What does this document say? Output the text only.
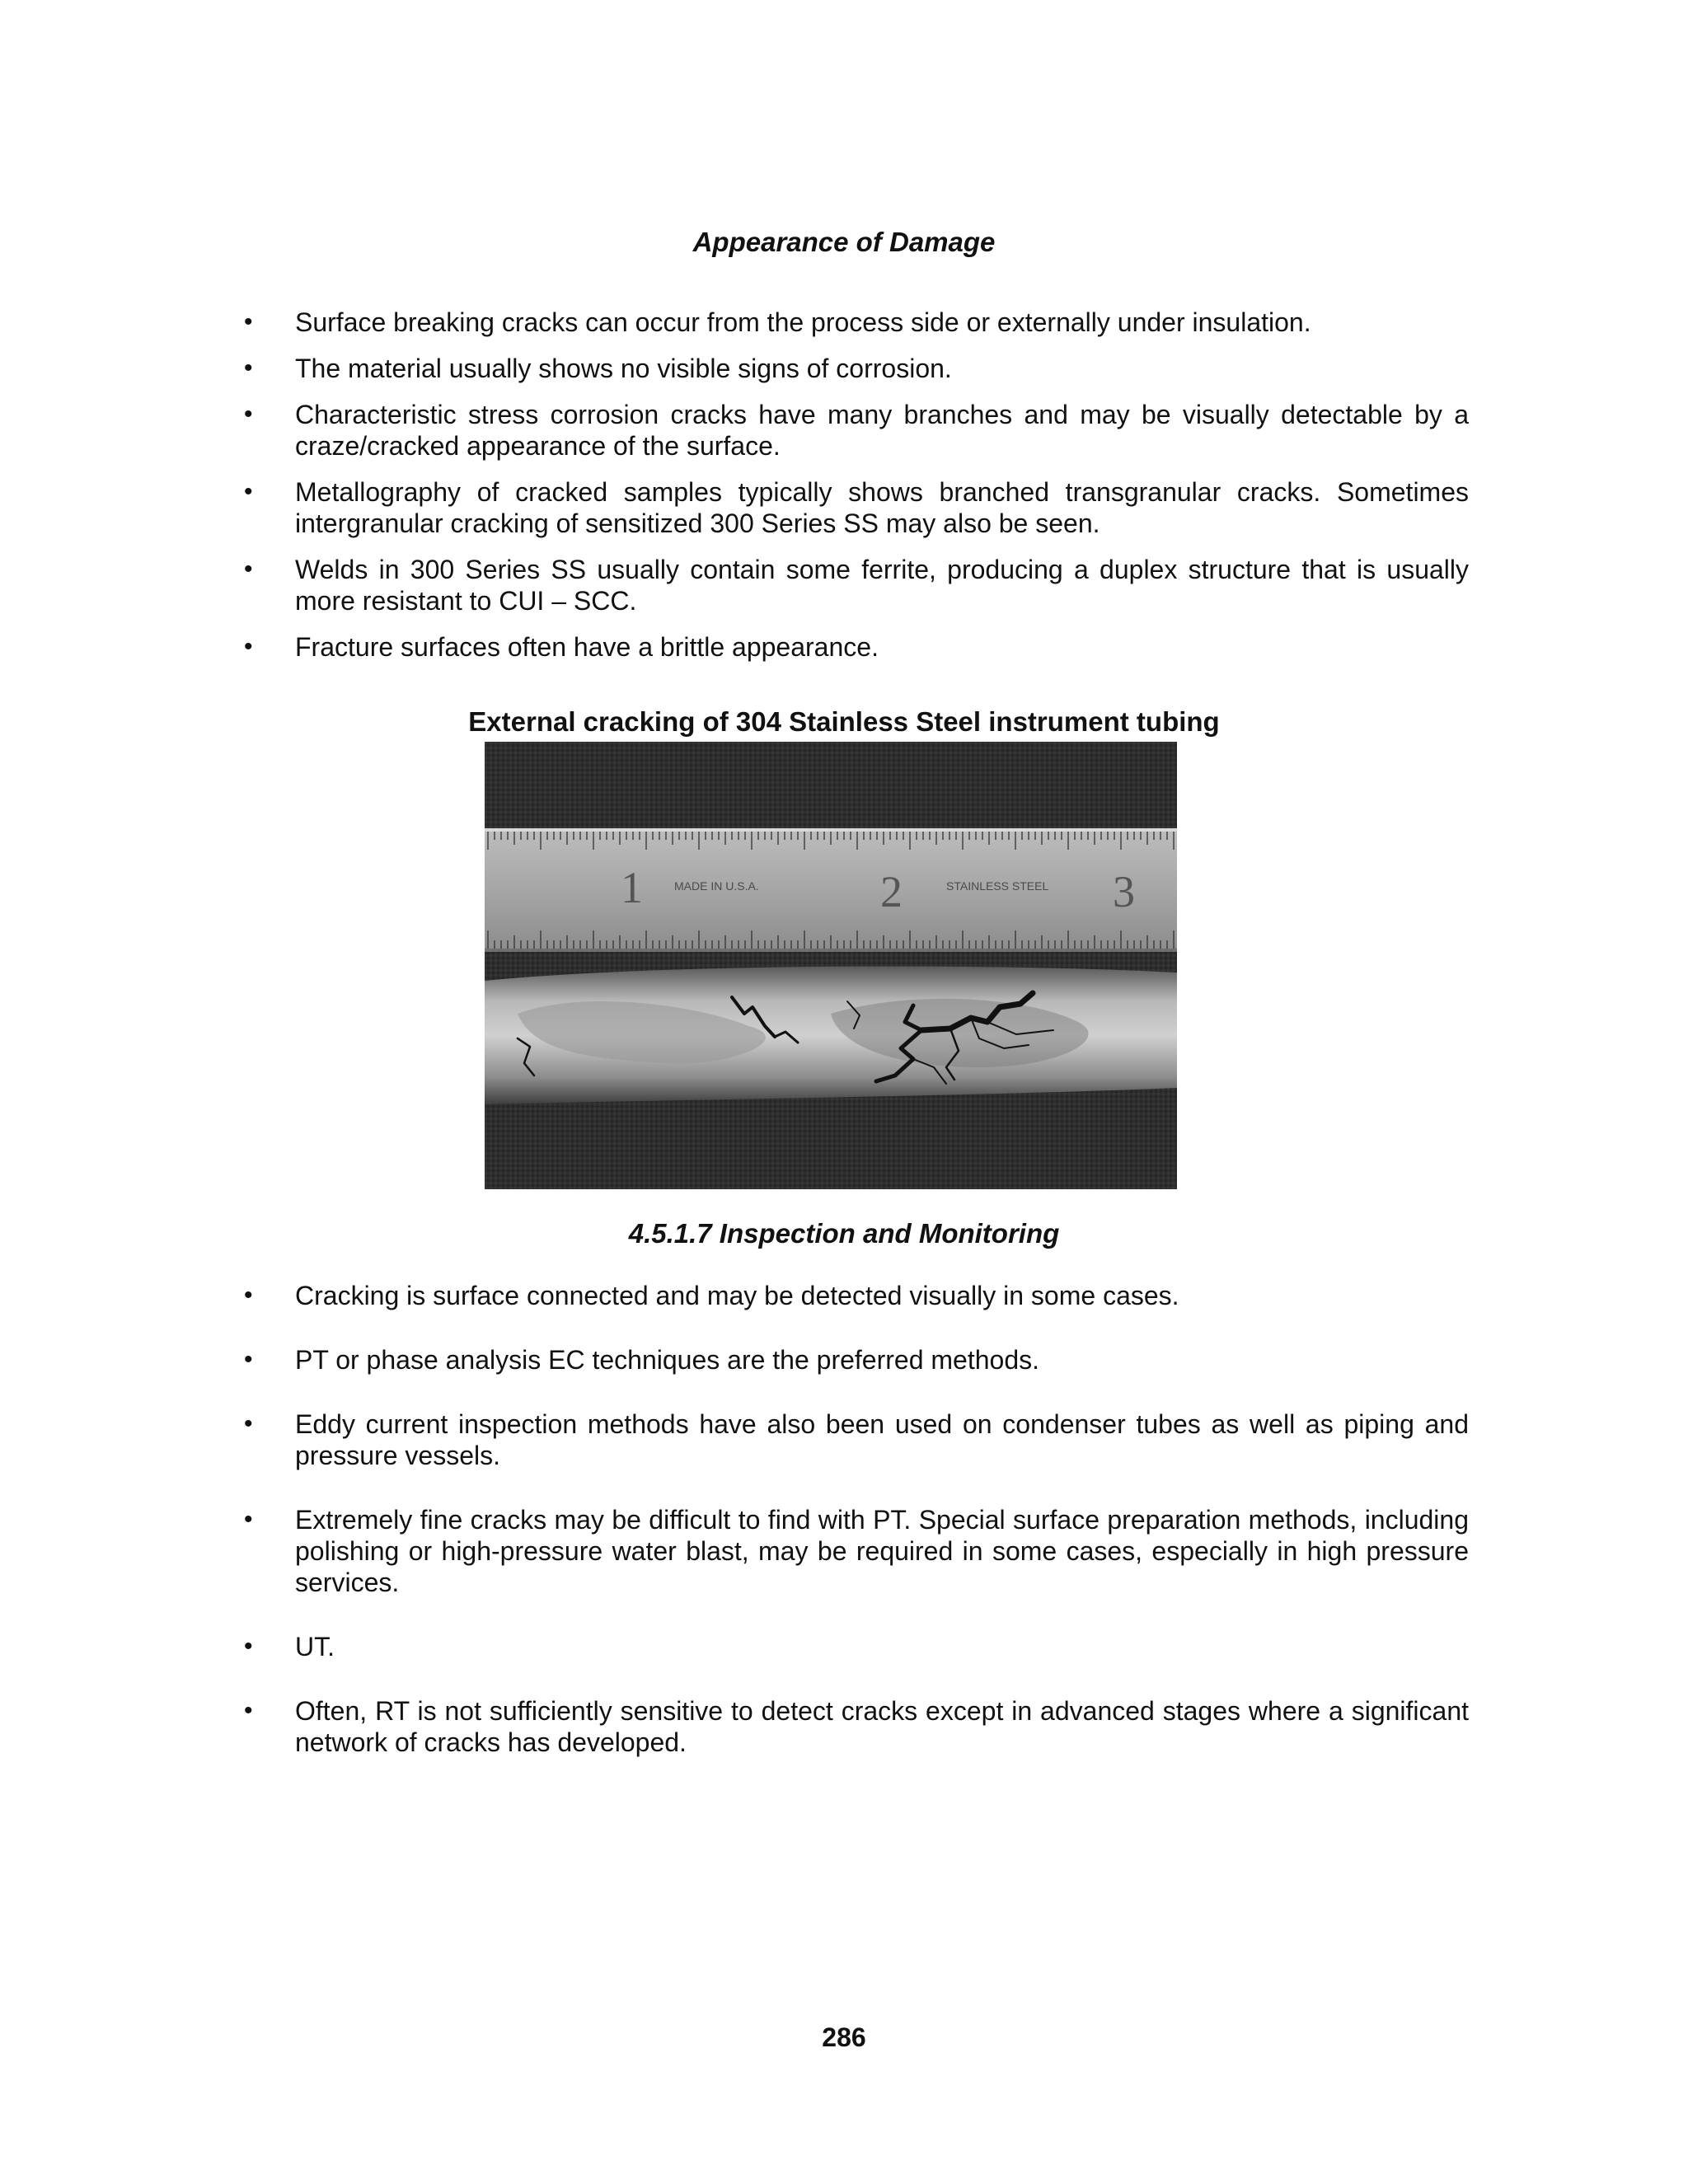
Appearance of Damage
• Surface breaking cracks can occur from the process side or externally under insulation.
• The material usually shows no visible signs of corrosion.
• Characteristic stress corrosion cracks have many branches and may be visually detectable by a craze/cracked appearance of the surface.
• Metallography of cracked samples typically shows branched transgranular cracks. Sometimes intergranular cracking of sensitized 300 Series SS may also be seen.
• Welds in 300 Series SS usually contain some ferrite, producing a duplex structure that is usually more resistant to CUI – SCC.
• Fracture surfaces often have a brittle appearance.
External cracking of 304 Stainless Steel instrument tubing
1	2	3
MADE IN U.S.A.	STAINLESS STEEL
4.5.1.7 Inspection and Monitoring
• Cracking is surface connected and may be detected visually in some cases.
• PT or phase analysis EC techniques are the preferred methods.
• Eddy current inspection methods have also been used on condenser tubes as well as piping and pressure vessels.
• Extremely fine cracks may be difficult to find with PT. Special surface preparation methods, including polishing or high-pressure water blast, may be required in some cases, especially in high pressure services.
• UT.
• Often, RT is not sufficiently sensitive to detect cracks except in advanced stages where a significant network of cracks has developed.
286
